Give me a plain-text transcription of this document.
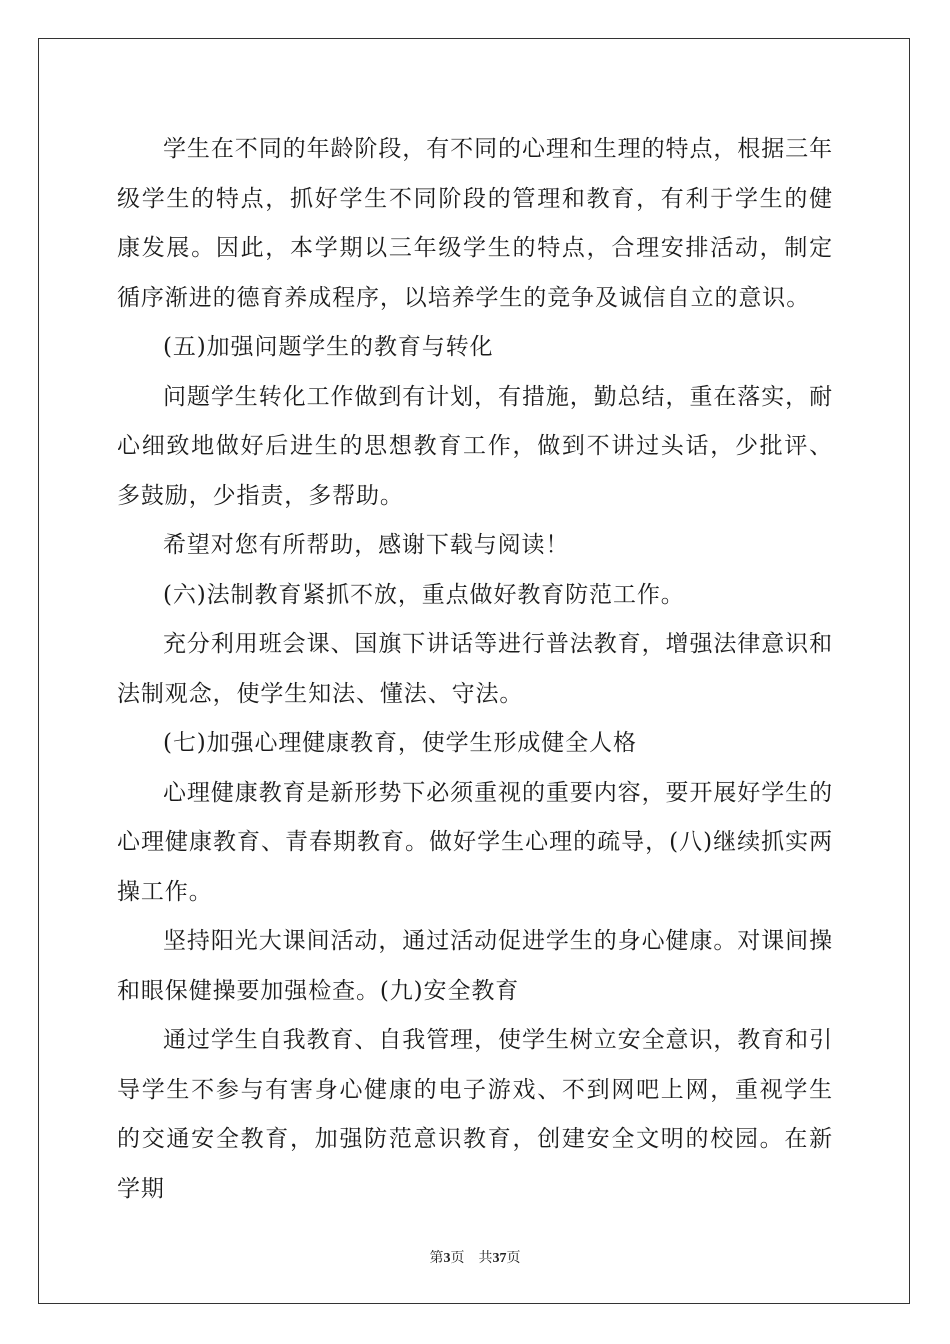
学生在不同的年龄阶段，有不同的心理和生理的特点，根据三年级学生的特点，抓好学生不同阶段的管理和教育，有利于学生的健康发展。因此，本学期以三年级学生的特点，合理安排活动，制定循序渐进的德育养成程序，以培养学生的竞争及诚信自立的意识。

(五)加强问题学生的教育与转化

问题学生转化工作做到有计划，有措施，勤总结，重在落实，耐心细致地做好后进生的思想教育工作，做到不讲过头话，少批评、多鼓励，少指责，多帮助。

希望对您有所帮助，感谢下载与阅读！

(六)法制教育紧抓不放，重点做好教育防范工作。

充分利用班会课、国旗下讲话等进行普法教育，增强法律意识和法制观念，使学生知法、懂法、守法。

(七)加强心理健康教育，使学生形成健全人格

心理健康教育是新形势下必须重视的重要内容，要开展好学生的心理健康教育、青春期教育。做好学生心理的疏导，(八)继续抓实两操工作。

坚持阳光大课间活动，通过活动促进学生的身心健康。对课间操和眼保健操要加强检查。(九)安全教育

通过学生自我教育、自我管理，使学生树立安全意识，教育和引导学生不参与有害身心健康的电子游戏、不到网吧上网，重视学生的交通安全教育，加强防范意识教育，创建安全文明的校园。在新学期

第3页 共37页
